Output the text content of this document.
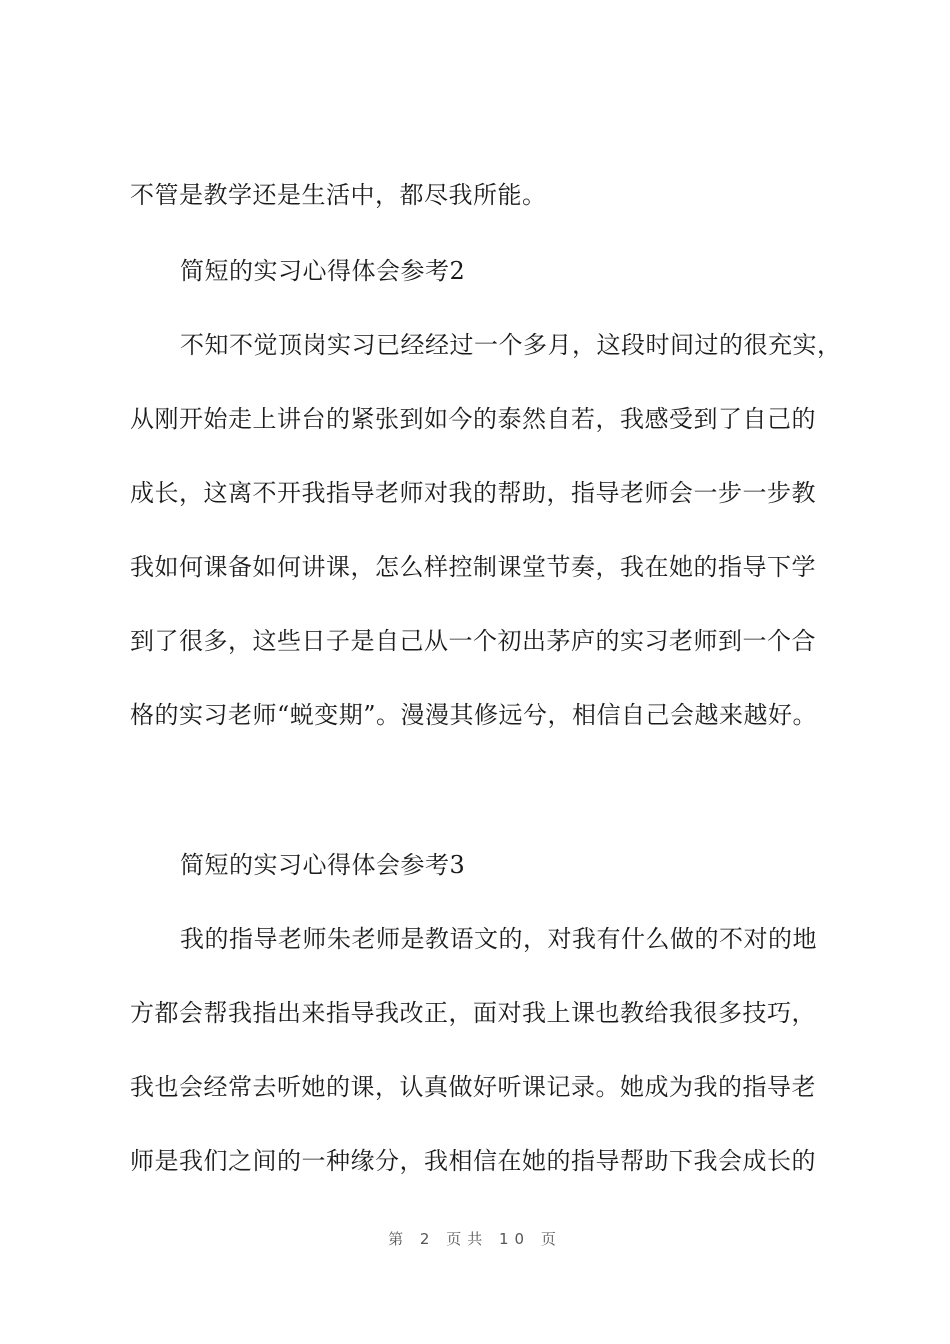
不管是教学还是生活中，都尽我所能。
简短的实习心得体会参考2
不知不觉顶岗实习已经经过一个多月，这段时间过的很充实，
从刚开始走上讲台的紧张到如今的泰然自若，我感受到了自己的
成长，这离不开我指导老师对我的帮助，指导老师会一步一步教
我如何课备如何讲课，怎么样控制课堂节奏，我在她的指导下学
到了很多，这些日子是自己从一个初出茅庐的实习老师到一个合
格的实习老师“蜕变期”。漫漫其修远兮，相信自己会越来越好。
简短的实习心得体会参考3
我的指导老师朱老师是教语文的，对我有什么做的不对的地
方都会帮我指出来指导我改正，面对我上课也教给我很多技巧，
我也会经常去听她的课，认真做好听课记录。她成为我的指导老
师是我们之间的一种缘分，我相信在她的指导帮助下我会成长的
第 2 页共 10 页
